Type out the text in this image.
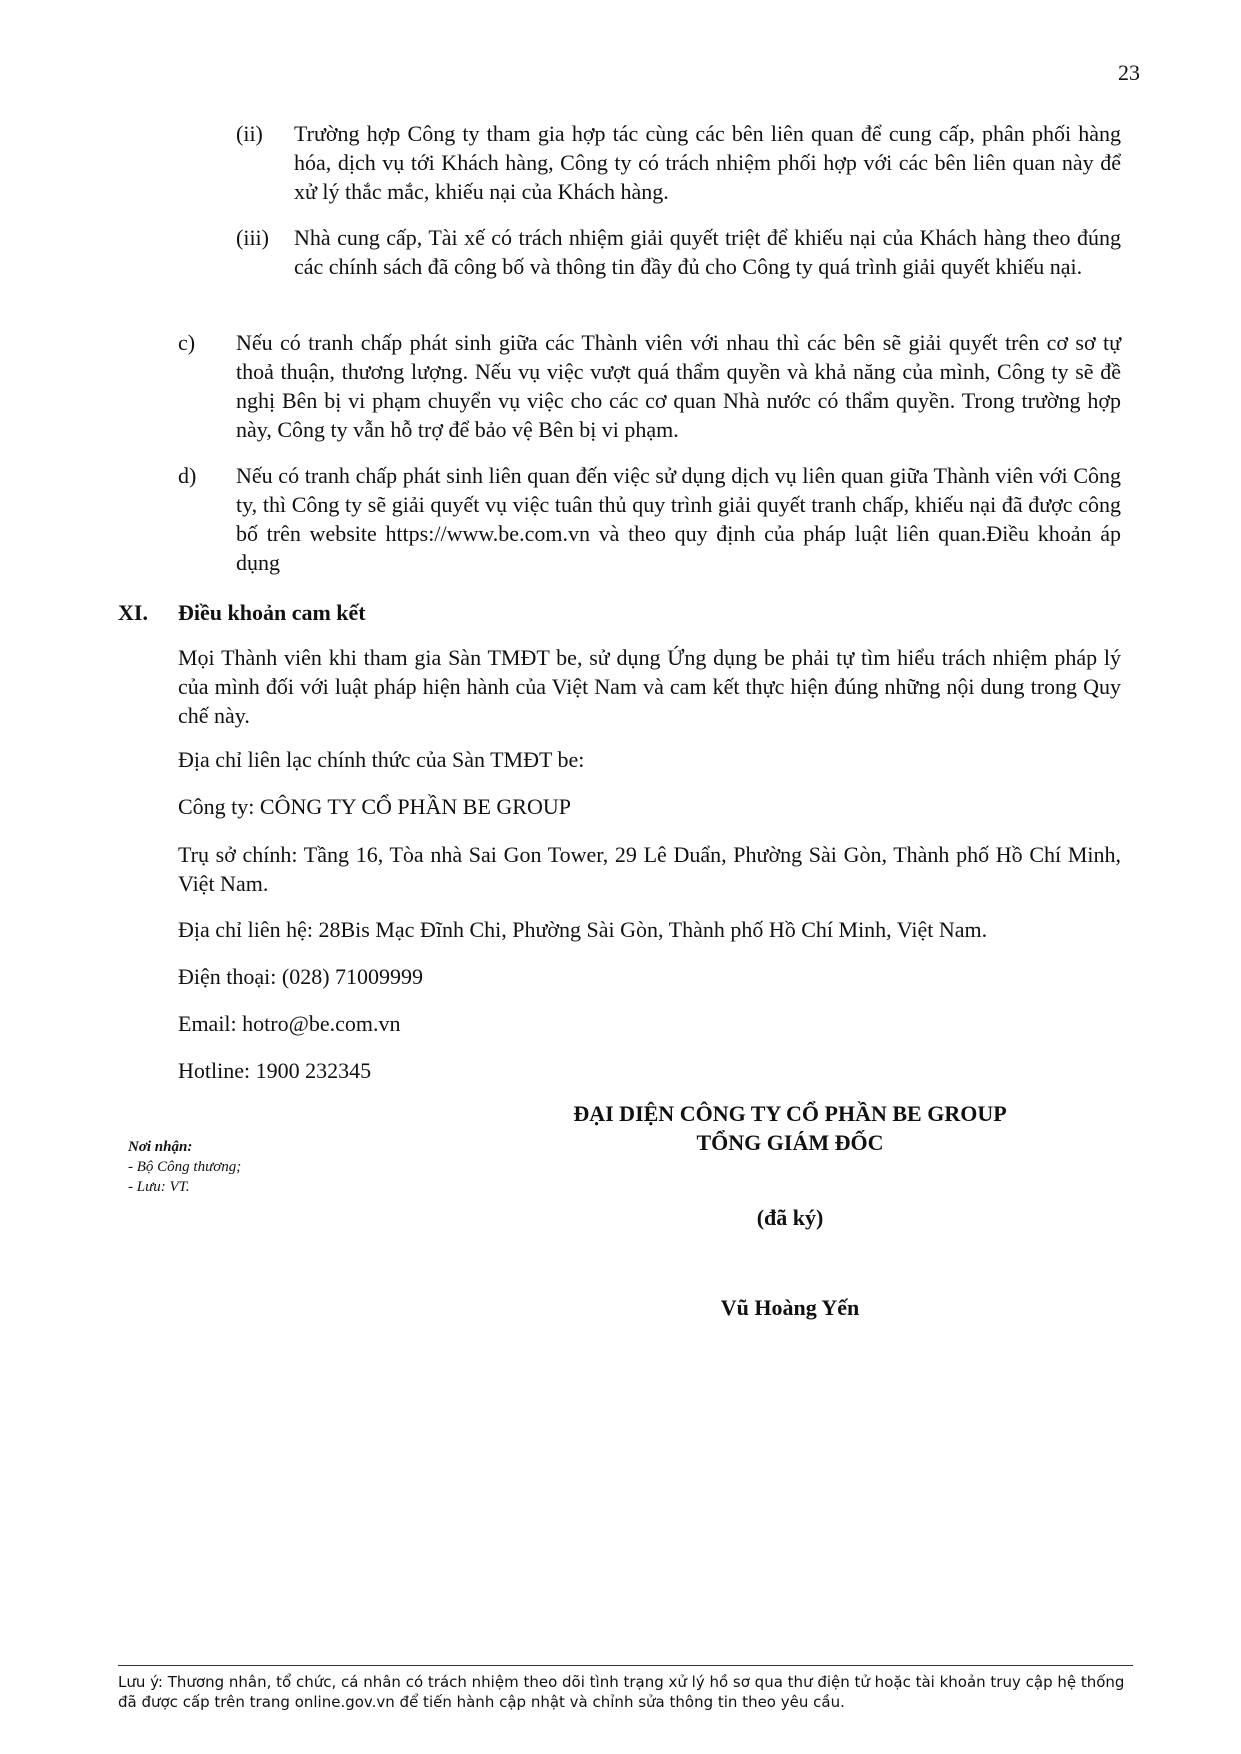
23
(ii) Trường hợp Công ty tham gia hợp tác cùng các bên liên quan để cung cấp, phân phối hàng hóa, dịch vụ tới Khách hàng, Công ty có trách nhiệm phối hợp với các bên liên quan này để xử lý thắc mắc, khiếu nại của Khách hàng.

(iii) Nhà cung cấp, Tài xế có trách nhiệm giải quyết triệt để khiếu nại của Khách hàng theo đúng các chính sách đã công bố và thông tin đầy đủ cho Công ty quá trình giải quyết khiếu nại.

c) Nếu có tranh chấp phát sinh giữa các Thành viên với nhau thì các bên sẽ giải quyết trên cơ sơ tự thoả thuận, thương lượng. Nếu vụ việc vượt quá thẩm quyền và khả năng của mình, Công ty sẽ đề nghị Bên bị vi phạm chuyển vụ việc cho các cơ quan Nhà nước có thẩm quyền. Trong trường hợp này, Công ty vẫn hỗ trợ để bảo vệ Bên bị vi phạm.

d) Nếu có tranh chấp phát sinh liên quan đến việc sử dụng dịch vụ liên quan giữa Thành viên với Công ty, thì Công ty sẽ giải quyết vụ việc tuân thủ quy trình giải quyết tranh chấp, khiếu nại đã được công bố trên website https://www.be.com.vn và theo quy định của pháp luật liên quan.Điều khoản áp dụng

XI. Điều khoản cam kết

Mọi Thành viên khi tham gia Sàn TMĐT be, sử dụng Ứng dụng be phải tự tìm hiểu trách nhiệm pháp lý của mình đối với luật pháp hiện hành của Việt Nam và cam kết thực hiện đúng những nội dung trong Quy chế này.

Địa chỉ liên lạc chính thức của Sàn TMĐT be:

Công ty: CÔNG TY CỔ PHẦN BE GROUP

Trụ sở chính: Tầng 16, Tòa nhà Sai Gon Tower, 29 Lê Duẩn, Phường Sài Gòn, Thành phố Hồ Chí Minh, Việt Nam.

Địa chỉ liên hệ: 28Bis Mạc Đĩnh Chi, Phường Sài Gòn, Thành phố Hồ Chí Minh, Việt Nam.

Điện thoại: (028) 71009999

Email: hotro@be.com.vn

Hotline: 1900 232345

Nơi nhận:
- Bộ Công thương;
- Lưu: VT.
ĐẠI DIỆN CÔNG TY CỔ PHẦN BE GROUP
TỔNG GIÁM ĐỐC
(đã ký)
Vũ Hoàng Yến
Lưu ý: Thương nhân, tổ chức, cá nhân có trách nhiệm theo dõi tình trạng xử lý hồ sơ qua thư điện tử hoặc tài khoản truy cập hệ thống đã được cấp trên trang online.gov.vn để tiến hành cập nhật và chỉnh sửa thông tin theo yêu cầu.
